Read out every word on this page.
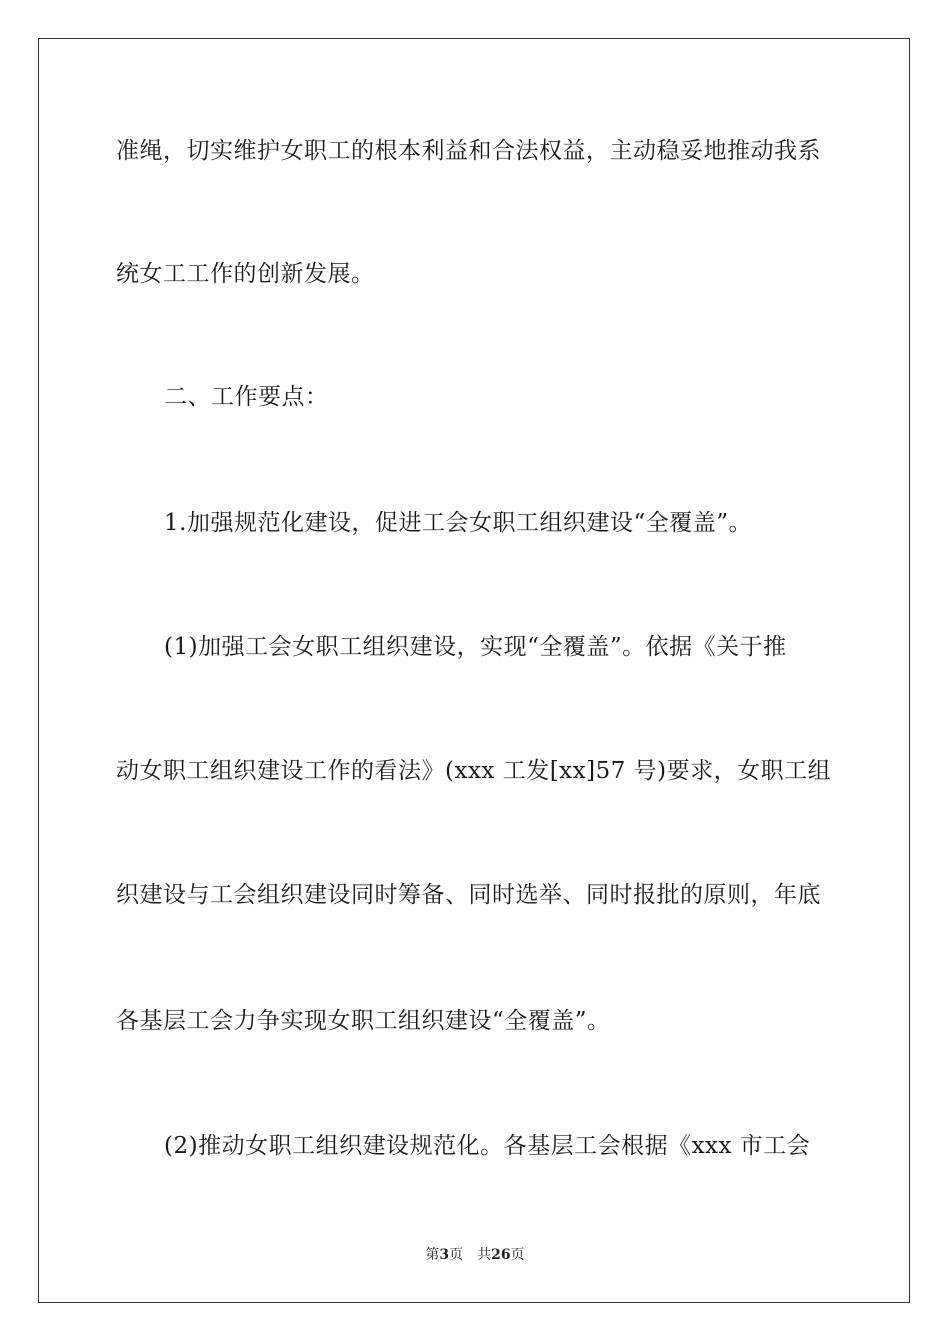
准绳，切实维护女职工的根本利益和合法权益，主动稳妥地推动我系
统女工工作的创新发展。
二、工作要点：
1.加强规范化建设，促进工会女职工组织建设“全覆盖”。
(1)加强工会女职工组织建设，实现“全覆盖”。依据《关于推
动女职工组织建设工作的看法》(xxx 工发[xx]57 号)要求，女职工组
织建设与工会组织建设同时筹备、同时选举、同时报批的原则，年底
各基层工会力争实现女职工组织建设“全覆盖”。
(2)推动女职工组织建设规范化。各基层工会根据《xxx 市工会
第3页 共26页
